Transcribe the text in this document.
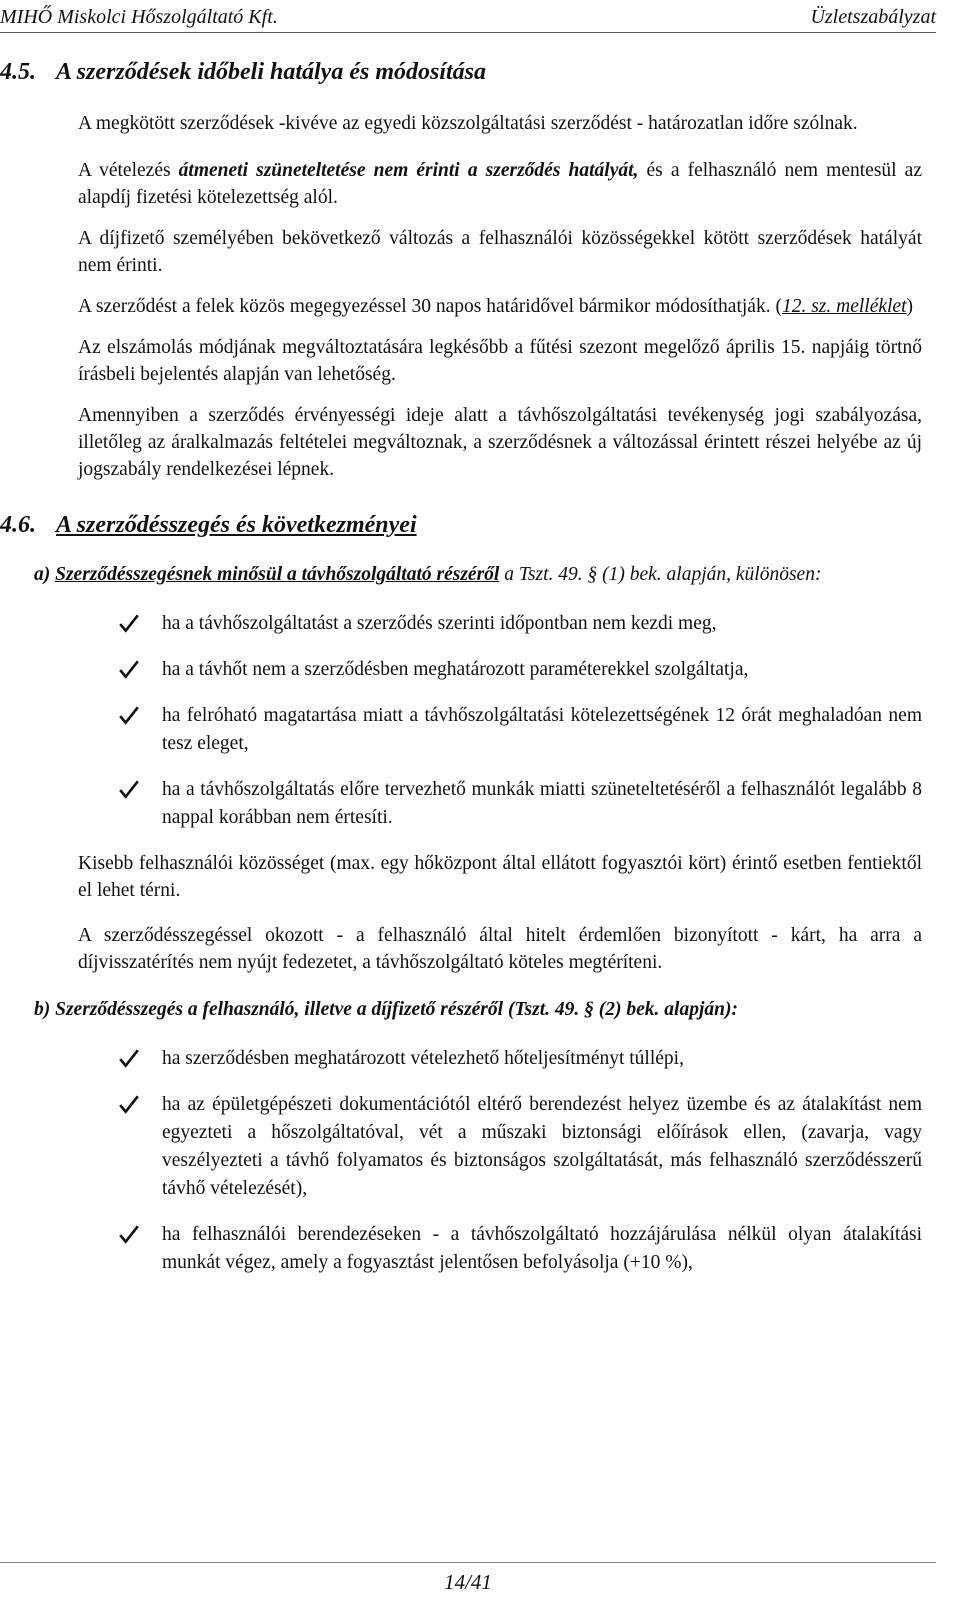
MIHŐ Miskolci Hőszolgáltató Kft.	Üzletszabályzat
4.5. A szerződések időbeli hatálya és módosítása

A megkötött szerződések -kivéve az egyedi közszolgáltatási szerződést - határozatlan időre szólnak.

A vételezés átmeneti szüneteltetése nem érinti a szerződés hatályát, és a felhasználó nem mentesül az alapdíj fizetési kötelezettség alól.

A díjfizető személyében bekövetkező változás a felhasználói közösségekkel kötött szerződések hatályát nem érinti.

A szerződést a felek közös megegyezéssel 30 napos határidővel bármikor módosíthatják. (12. sz. melléklet)

Az elszámolás módjának megváltoztatására legkésőbb a fűtési szezont megelőző április 15. napjáig törtnő írásbeli bejelentés alapján van lehetőség.

Amennyiben a szerződés érvényességi ideje alatt a távhőszolgáltatási tevékenység jogi szabályozása, illetőleg az áralkalmazás feltételei megváltoznak, a szerződésnek a változással érintett részei helyébe az új jogszabály rendelkezései lépnek.

4.6. A szerződésszegés és következményei

a) Szerződésszegésnek minősül a távhőszolgáltató részéről a Tszt. 49. § (1) bek. alapján, különösen:

ha a távhőszolgáltatást a szerződés szerinti időpontban nem kezdi meg,
ha a távhőt nem a szerződésben meghatározott paraméterekkel szolgáltatja,
ha felróható magatartása miatt a távhőszolgáltatási kötelezettségének 12 órát meghaladóan nem tesz eleget,
ha a távhőszolgáltatás előre tervezhető munkák miatti szüneteltetéséről a felhasználót legalább 8 nappal korábban nem értesíti.

Kisebb felhasználói közösséget (max. egy hőközpont által ellátott fogyasztói kört) érintő esetben fentiektől el lehet térni.

A szerződésszegéssel okozott - a felhasználó által hitelt érdemlően bizonyított - kárt, ha arra a díjvisszatérítés nem nyújt fedezetet, a távhőszolgáltató köteles megtéríteni.

b) Szerződésszegés a felhasználó, illetve a díjfizető részéről (Tszt. 49. § (2) bek. alapján):

ha szerződésben meghatározott vételezhető hőteljesítményt túllépi,
ha az épületgépészeti dokumentációtól eltérő berendezést helyez üzembe és az átalakítást nem egyezteti a hőszolgáltatóval, vét a műszaki biztonsági előírások ellen, (zavarja, vagy veszélyezteti a távhő folyamatos és biztonságos szolgáltatását, más felhasználó szerződésszerű távhő vételezését),
ha felhasználói berendezéseken - a távhőszolgáltató hozzájárulása nélkül olyan átalakítási munkát végez, amely a fogyasztást jelentősen befolyásolja (+10 %),
14/41
